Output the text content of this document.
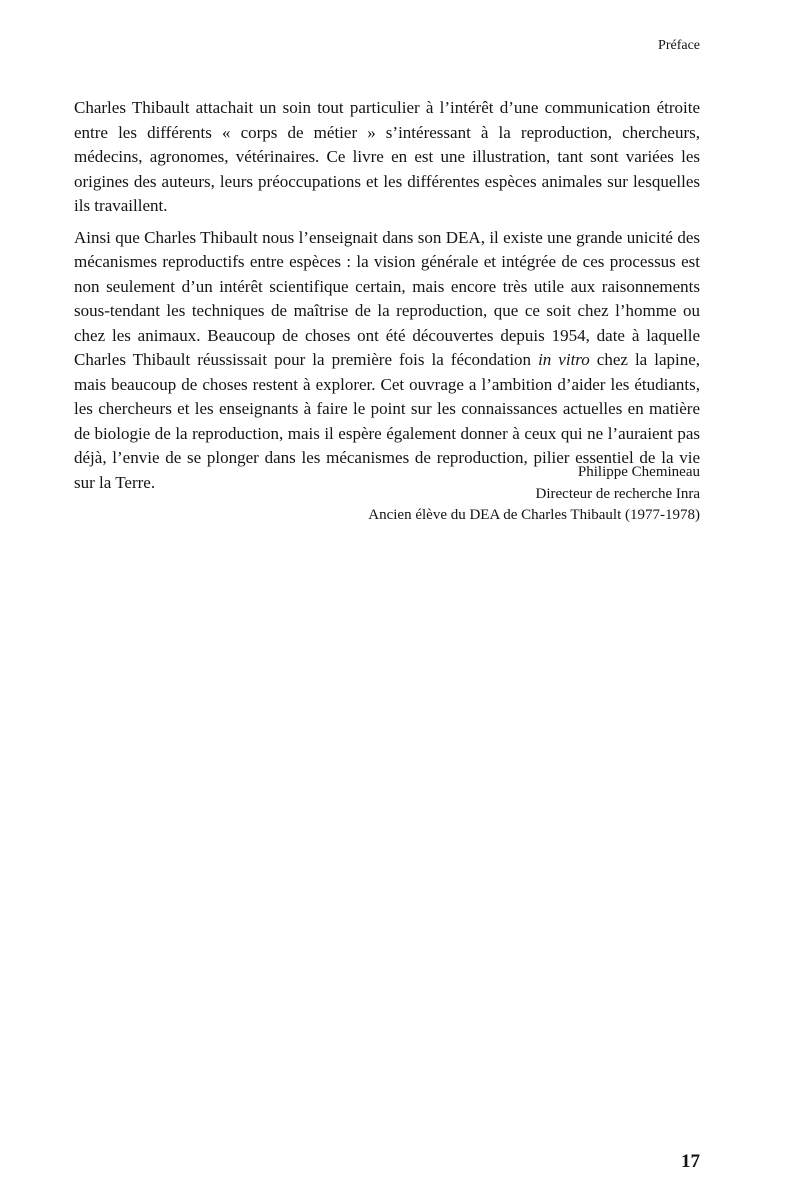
Préface

Charles Thibault attachait un soin tout particulier à l’intérêt d’une communication étroite entre les différents « corps de métier » s’intéressant à la reproduction, chercheurs, médecins, agronomes, vétérinaires. Ce livre en est une illustration, tant sont variées les origines des auteurs, leurs préoccupations et les différentes espèces animales sur lesquelles ils travaillent.

Ainsi que Charles Thibault nous l’enseignait dans son DEA, il existe une grande unicité des mécanismes reproductifs entre espèces : la vision générale et intégrée de ces processus est non seulement d’un intérêt scientifique certain, mais encore très utile aux raisonnements sous-tendant les techniques de maîtrise de la reproduction, que ce soit chez l’homme ou chez les animaux. Beaucoup de choses ont été découvertes depuis 1954, date à laquelle Charles Thibault réussissait pour la première fois la fécondation in vitro chez la lapine, mais beaucoup de choses restent à explorer. Cet ouvrage a l’ambition d’aider les étudiants, les chercheurs et les enseignants à faire le point sur les connaissances actuelles en matière de biologie de la reproduction, mais il espère également donner à ceux qui ne l’auraient pas déjà, l’envie de se plonger dans les mécanismes de reproduction, pilier essentiel de la vie sur la Terre.

Philippe Chemineau
Directeur de recherche Inra
Ancien élève du DEA de Charles Thibault (1977-1978)
17
